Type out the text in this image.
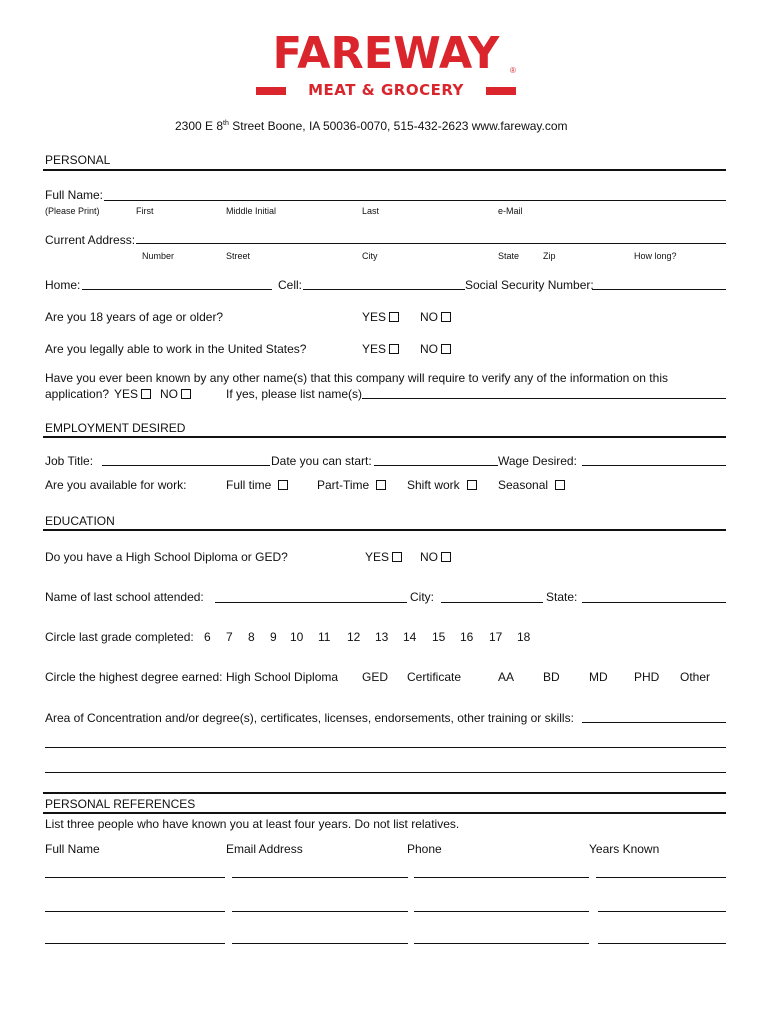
FAREWAY	®
MEAT & GROCERY
2300 E 8th Street Boone, IA 50036-0070, 515-432-2623 www.fareway.com
PERSONAL
Full Name:
(Please Print)	First	Middle Initial	Last	e-Mail
Current Address:
Number	Street	City	State	Zip	How long?
Home:	Cell:	Social Security Number:
Are you 18 years of age or older?	YES	NO
Are you legally able to work in the United States?	YES	NO
Have you ever been known by any other name(s) that this company will require to verify any of the information on this
application? YES	NO	If yes, please list name(s)
EMPLOYMENT DESIRED
Job Title:	Date you can start:	Wage Desired:
Are you available for work:	Full time	Part-Time	Shift work	Seasonal
EDUCATION
Do you have a High School Diploma or GED?	YES	NO
Name of last school attended:	City:	State:
Circle last grade completed: 6 7 8 9 10 11 12 13 14 15 16 17 18
Circle the highest degree earned: High School Diploma GED Certificate	AA BD MD PHD Other
Area of Concentration and/or degree(s), certificates, licenses, endorsements, other training or skills:
PERSONAL REFERENCES
List three people who have known you at least four years. Do not list relatives.
Full Name	Email Address	Phone	Years Known
